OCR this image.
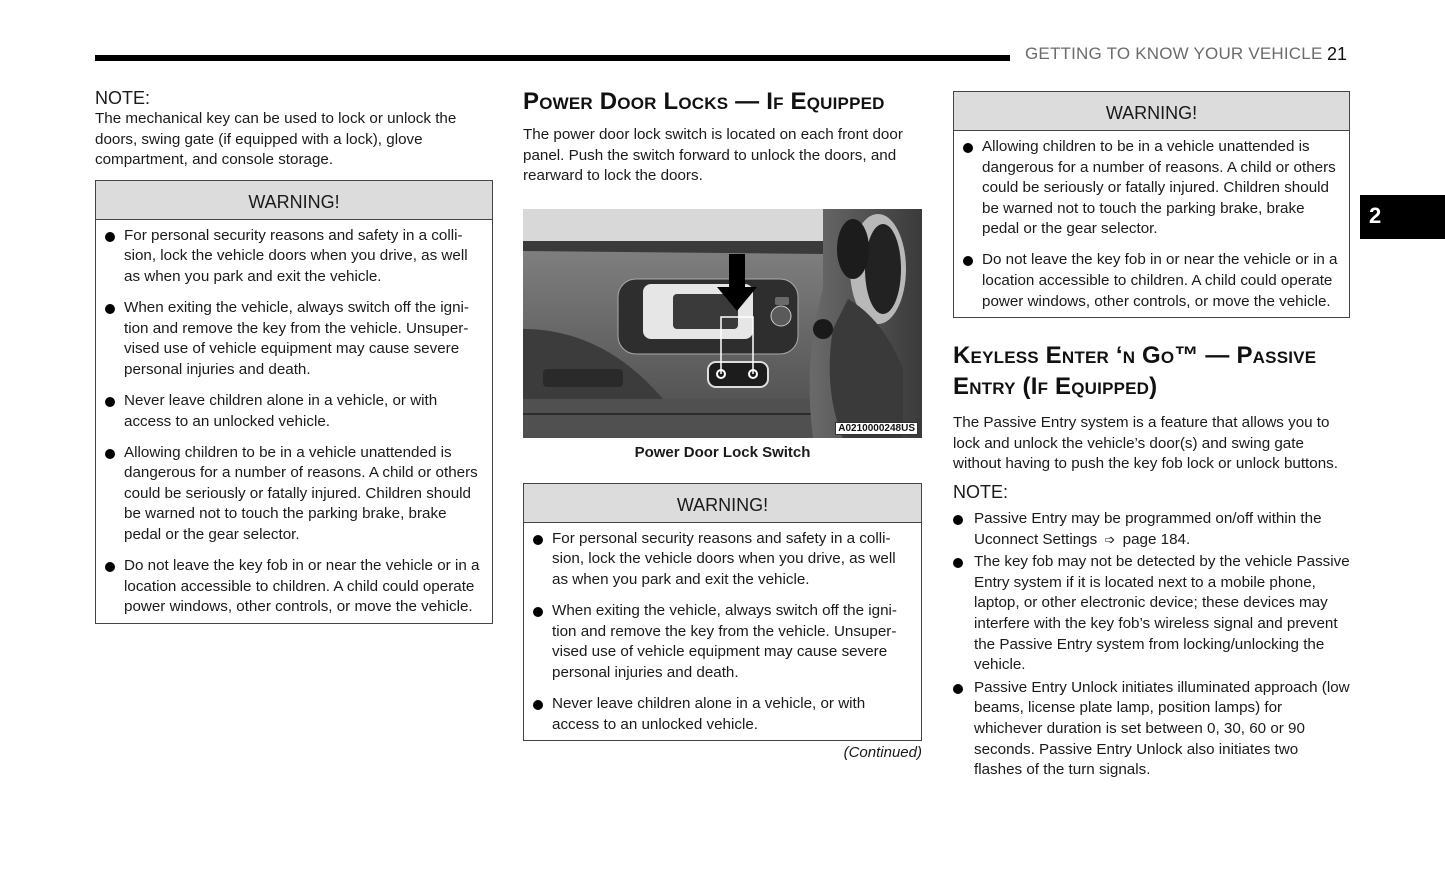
GETTING TO KNOW YOUR VEHICLE 21
2
NOTE:

The mechanical key can be used to lock or unlock the doors, swing gate (if equipped with a lock), glove compartment, and console storage.

WARNING!
For personal security reasons and safety in a colli-sion, lock the vehicle doors when you drive, as well as when you park and exit the vehicle.
When exiting the vehicle, always switch off the igni-tion and remove the key from the vehicle. Unsuper-vised use of vehicle equipment may cause severe personal injuries and death.
Never leave children alone in a vehicle, or with access to an unlocked vehicle.
Allowing children to be in a vehicle unattended is dangerous for a number of reasons. A child or others could be seriously or fatally injured. Children should be warned not to touch the parking brake, brake pedal or the gear selector.
Do not leave the key fob in or near the vehicle or in a location accessible to children. A child could operate power windows, other controls, or move the vehicle.
Power Door Locks — If Equipped

The power door lock switch is located on each front door panel. Push the switch forward to unlock the doors, and rearward to lock the doors.

A0210000248US
Power Door Lock Switch
WARNING!
For personal security reasons and safety in a colli-sion, lock the vehicle doors when you drive, as well as when you park and exit the vehicle.
When exiting the vehicle, always switch off the igni-tion and remove the key from the vehicle. Unsuper-vised use of vehicle equipment may cause severe personal injuries and death.
Never leave children alone in a vehicle, or with access to an unlocked vehicle.
(Continued)
WARNING!
Allowing children to be in a vehicle unattended is dangerous for a number of reasons. A child or others could be seriously or fatally injured. Children should be warned not to touch the parking brake, brake pedal or the gear selector.
Do not leave the key fob in or near the vehicle or in a location accessible to children. A child could operate power windows, other controls, or move the vehicle.
Keyless Enter ‘n Go™ — Passive Entry (If Equipped)

The Passive Entry system is a feature that allows you to lock and unlock the vehicle’s door(s) and swing gate without having to push the key fob lock or unlock buttons.

NOTE:
Passive Entry may be programmed on/off within the Uconnect Settings ➩ page 184.
The key fob may not be detected by the vehicle Passive Entry system if it is located next to a mobile phone, laptop, or other electronic device; these devices may interfere with the key fob’s wireless signal and prevent the Passive Entry system from locking/unlocking the vehicle.
Passive Entry Unlock initiates illuminated approach (low beams, license plate lamp, position lamps) for whichever duration is set between 0, 30, 60 or 90 seconds. Passive Entry Unlock also initiates two flashes of the turn signals.
